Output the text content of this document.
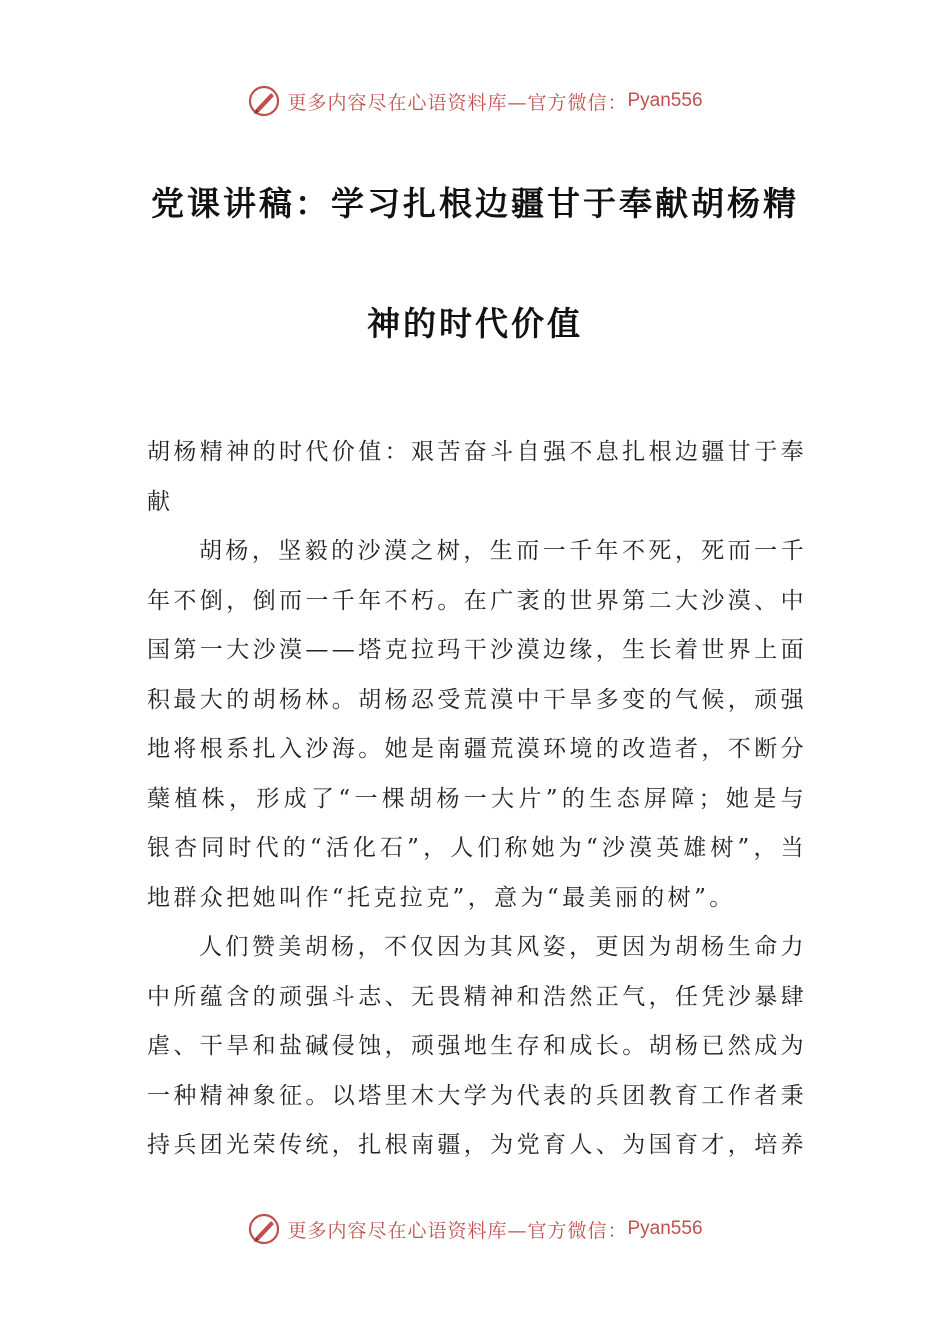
更多内容尽在心语资料库—官方微信： Pyan556
党课讲稿：学习扎根边疆甘于奉献胡杨精
神的时代价值

胡杨精神的时代价值：艰苦奋斗自强不息扎根边疆甘于奉献

胡杨，坚毅的沙漠之树，生而一千年不死，死而一千年不倒，倒而一千年不朽。在广袤的世界第二大沙漠、中国第一大沙漠——塔克拉玛干沙漠边缘，生长着世界上面积最大的胡杨林。胡杨忍受荒漠中干旱多变的气候，顽强地将根系扎入沙海。她是南疆荒漠环境的改造者，不断分蘖植株，形成了“一棵胡杨一大片”的生态屏障；她是与银杏同时代的“活化石”，人们称她为“沙漠英雄树”，当地群众把她叫作“托克拉克”，意为“最美丽的树”。

人们赞美胡杨，不仅因为其风姿，更因为胡杨生命力中所蕴含的顽强斗志、无畏精神和浩然正气，任凭沙暴肆虐、干旱和盐碱侵蚀，顽强地生存和成长。胡杨已然成为一种精神象征。以塔里木大学为代表的兵团教育工作者秉持兵团光荣传统，扎根南疆，为党育人、为国育才，培养

更多内容尽在心语资料库—官方微信： Pyan556
